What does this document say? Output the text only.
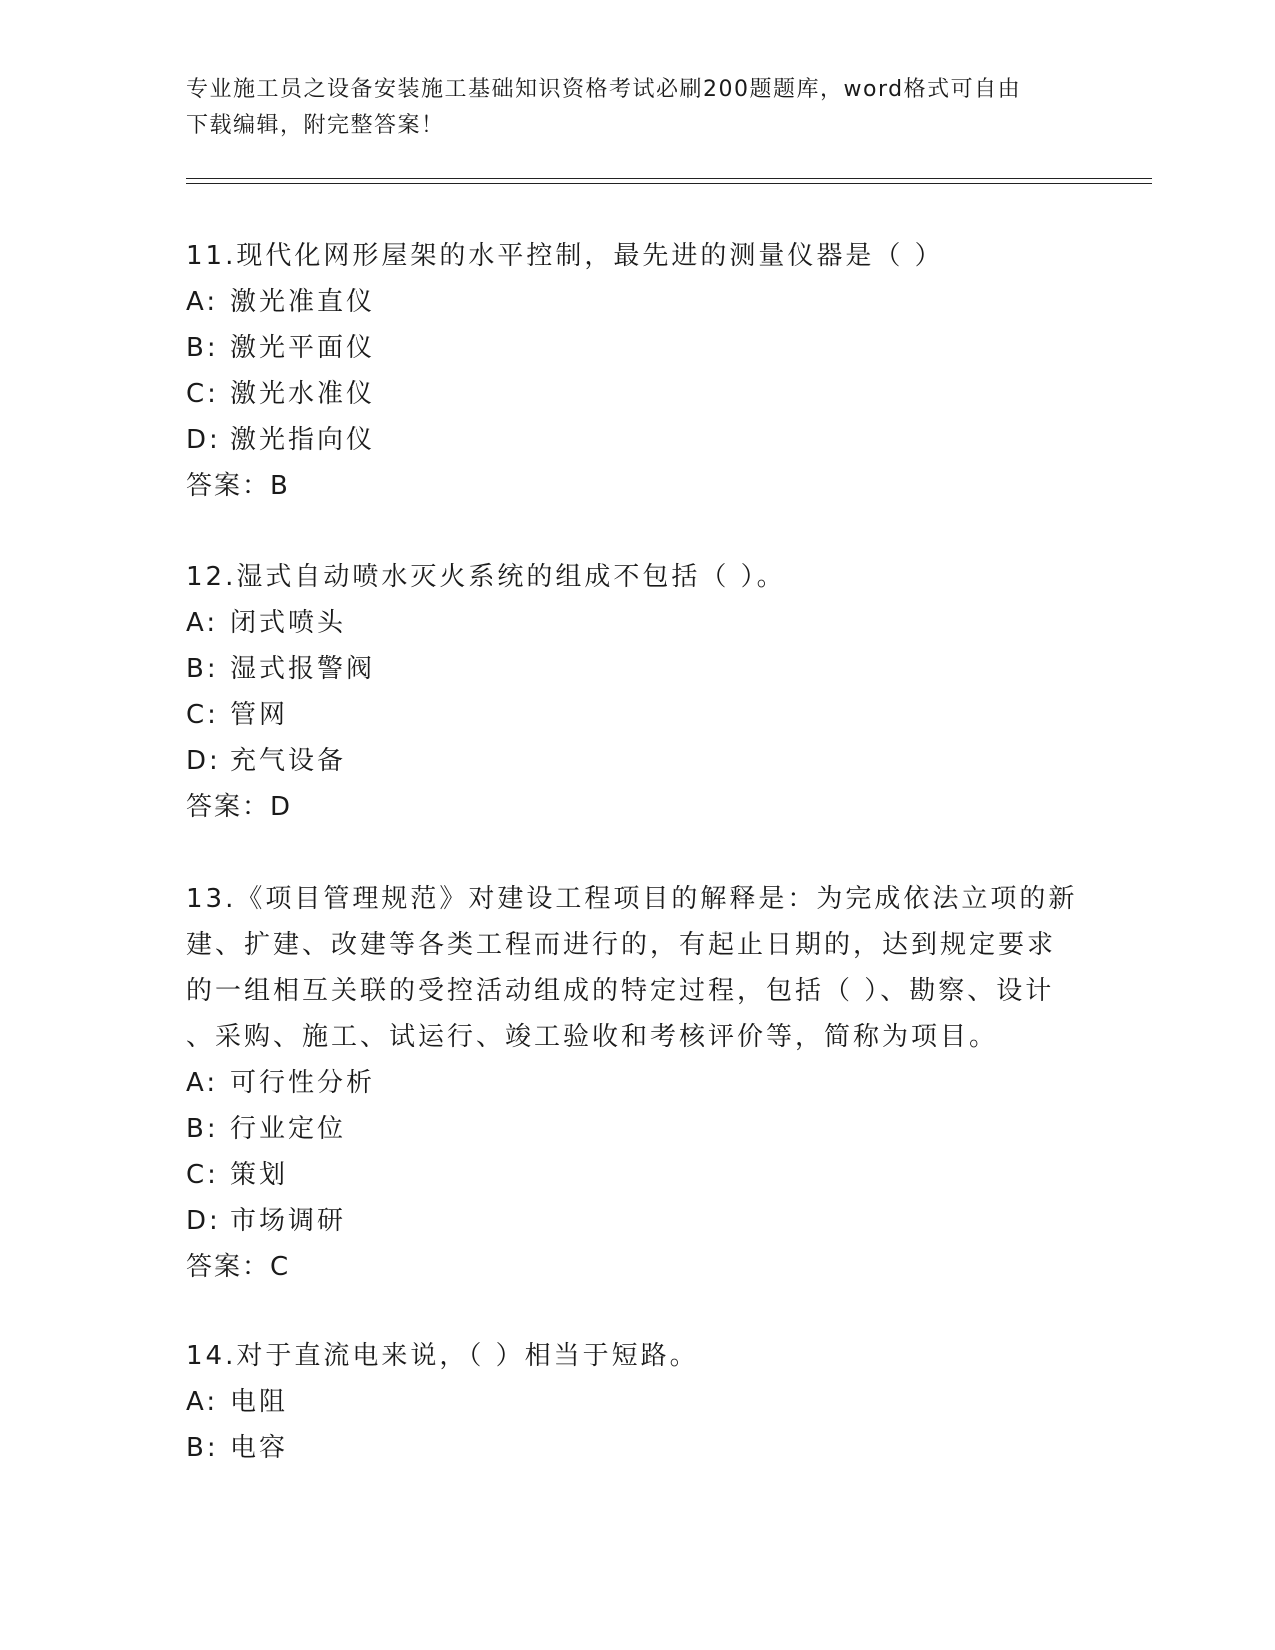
专业施工员之设备安装施工基础知识资格考试必刷200题题库，word格式可自由
下载编辑，附完整答案！

11.现代化网形屋架的水平控制，最先进的测量仪器是（ ）

A: 激光准直仪

B: 激光平面仪

C: 激光水准仪

D: 激光指向仪

答案：B

12.湿式自动喷水灭火系统的组成不包括（ ）。

A: 闭式喷头

B: 湿式报警阀

C: 管网

D: 充气设备

答案：D

13.《项目管理规范》对建设工程项目的解释是：为完成依法立项的新

建、扩建、改建等各类工程而进行的，有起止日期的，达到规定要求

的一组相互关联的受控活动组成的特定过程，包括（ ）、勘察、设计

、采购、施工、试运行、竣工验收和考核评价等，简称为项目。

A: 可行性分析

B: 行业定位

C: 策划

D: 市场调研

答案：C

14.对于直流电来说，（ ）相当于短路。

A: 电阻

B: 电容
